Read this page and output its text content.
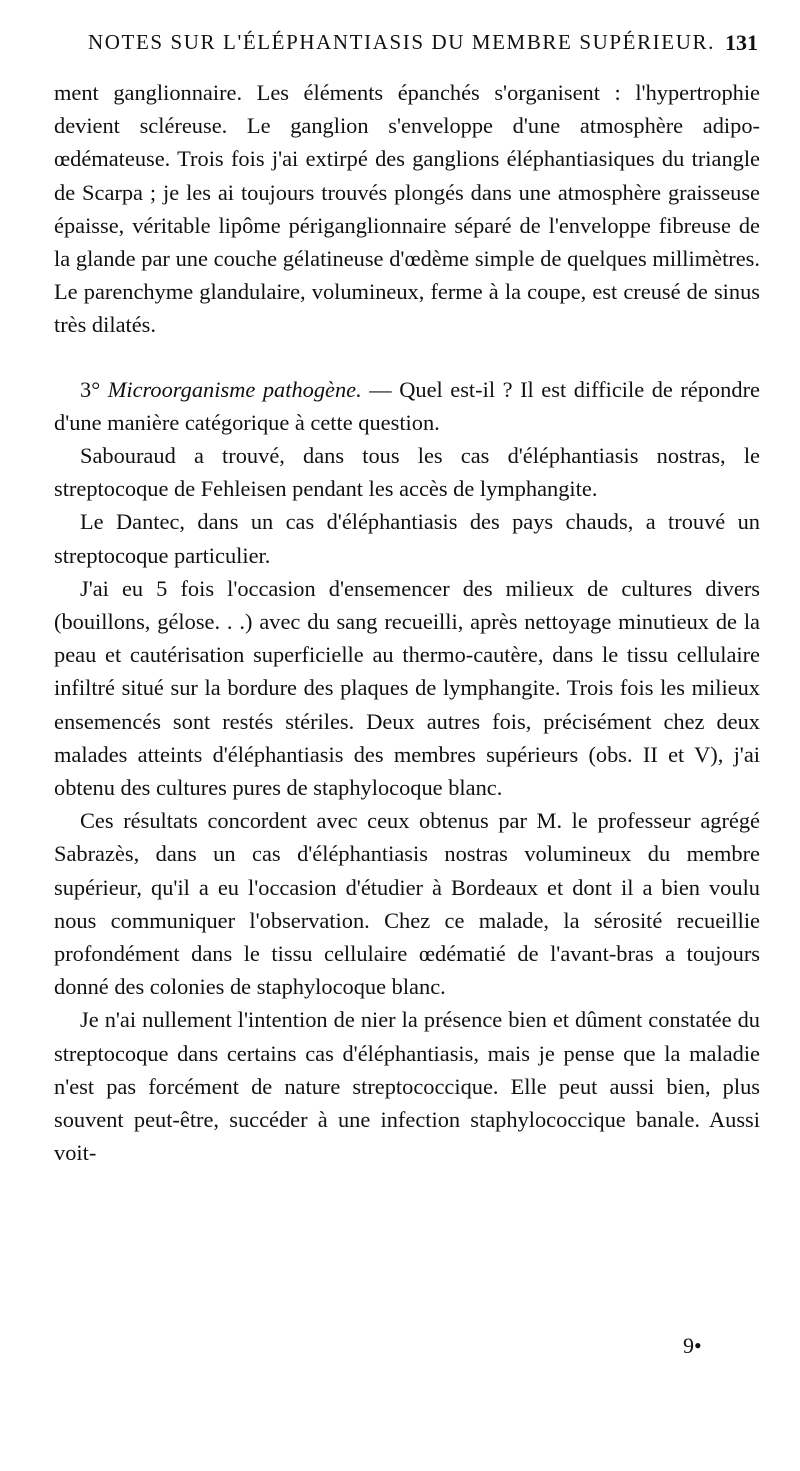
NOTES SUR L'ÉLÉPHANTIASIS DU MEMBRE SUPÉRIEUR. 131

ment ganglionnaire. Les éléments épanchés s'organisent : l'hypertrophie devient scléreuse. Le ganglion s'enveloppe d'une atmosphère adipo-œdémateuse. Trois fois j'ai extirpé des ganglions éléphantiasiques du triangle de Scarpa ; je les ai toujours trouvés plongés dans une atmosphère graisseuse épaisse, véritable lipôme périganglionnaire séparé de l'enveloppe fibreuse de la glande par une couche gélatineuse d'œdème simple de quelques millimètres. Le parenchyme glandulaire, volumineux, ferme à la coupe, est creusé de sinus très dilatés.

3° Microorganisme pathogène. — Quel est-il ? Il est difficile de répondre d'une manière catégorique à cette question.

Sabouraud a trouvé, dans tous les cas d'éléphantiasis nostras, le streptocoque de Fehleisen pendant les accès de lymphangite.

Le Dantec, dans un cas d'éléphantiasis des pays chauds, a trouvé un streptocoque particulier.

J'ai eu 5 fois l'occasion d'ensemencer des milieux de cultures divers (bouillons, gélose. . .) avec du sang recueilli, après nettoyage minutieux de la peau et cautérisation superficielle au thermo-cautère, dans le tissu cellulaire infiltré situé sur la bordure des plaques de lymphangite. Trois fois les milieux ensemencés sont restés stériles. Deux autres fois, précisément chez deux malades atteints d'éléphantiasis des membres supérieurs (obs. II et V), j'ai obtenu des cultures pures de staphylocoque blanc.

Ces résultats concordent avec ceux obtenus par M. le professeur agrégé Sabrazès, dans un cas d'éléphantiasis nostras volumineux du membre supérieur, qu'il a eu l'occasion d'étudier à Bordeaux et dont il a bien voulu nous communiquer l'observation. Chez ce malade, la sérosité recueillie profondément dans le tissu cellulaire œdématié de l'avant-bras a toujours donné des colonies de staphylocoque blanc.

Je n'ai nullement l'intention de nier la présence bien et dûment constatée du streptocoque dans certains cas d'éléphantiasis, mais je pense que la maladie n'est pas forcément de nature streptococcique. Elle peut aussi bien, plus souvent peut-être, succéder à une infection staphylococcique banale. Aussi voit-

9•
